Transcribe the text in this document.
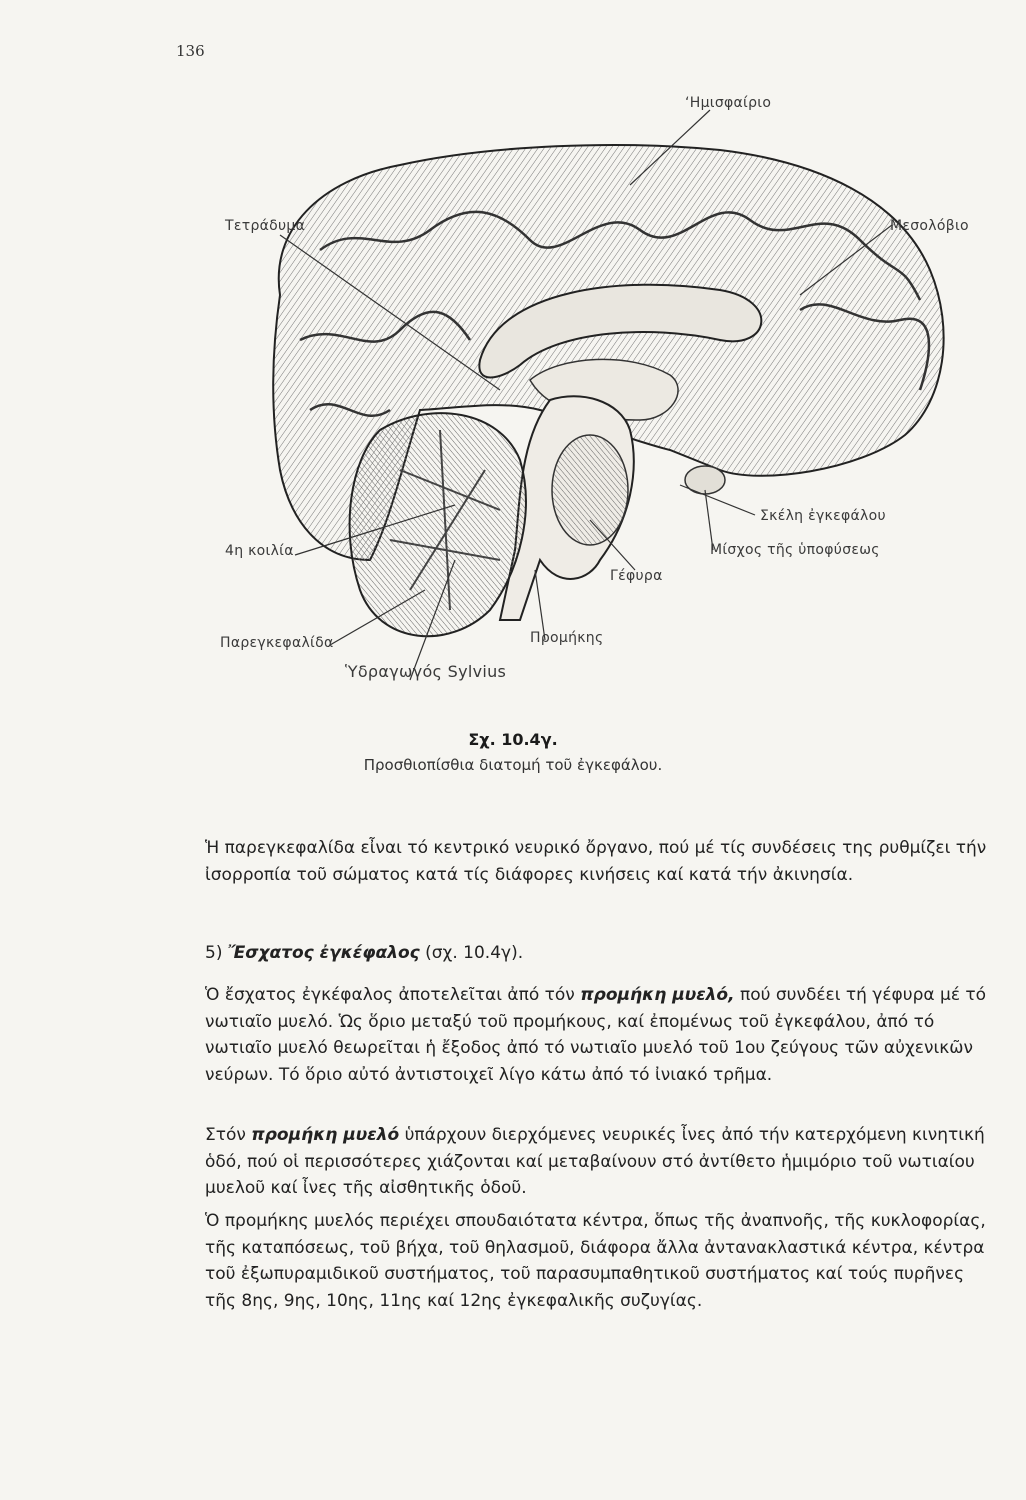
136
‘Ημισφαίριο
Τετράδυμα	Μεσολόβιο
Σκέλη ἐγκεφάλου
Μίσχος τῆς ὑποφύσεως
4η κοιλία
Γέφυρα
Παρεγκεφαλίδα	Προμήκης
Ὑδραγωγός Sylvius
Σχ. 10.4γ.
Προσθιοπίσθια διατομή τοῦ ἐγκεφάλου.

Ἡ παρεγκεφαλίδα εἶναι τό κεντρικό νευρικό ὄργανο, πού μέ τίς συνδέσεις της ρυθμίζει τήν ἰσορροπία τοῦ σώματος κατά τίς διάφορες κινήσεις καί κατά τήν ἀκινησία.

5) Ἔσχατος ἐγκέφαλος (σχ. 10.4γ).

Ὁ ἔσχατος ἐγκέφαλος ἀποτελεῖται ἀπό τόν προμήκη μυελό, πού συνδέει τή γέφυρα μέ τό νωτιαῖο μυελό. Ὡς ὅριο μεταξύ τοῦ προμήκους, καί ἐπομένως τοῦ ἐγκεφάλου, ἀπό τό νωτιαῖο μυελό θεωρεῖται ἡ ἔξοδος ἀπό τό νωτιαῖο μυελό τοῦ 1ου ζεύγους τῶν αὐχενικῶν νεύρων. Τό ὅριο αὐτό ἀντιστοιχεῖ λίγο κάτω ἀπό τό ἰνιακό τρῆμα.

Στόν προμήκη μυελό ὑπάρχουν διερχόμενες νευρικές ἶνες ἀπό τήν κατερχόμενη κινητική ὁδό, πού οἱ περισσότερες χιάζονται καί μεταβαίνουν στό ἀντίθετο ἡμιμόριο τοῦ νωτιαίου μυελοῦ καί ἶνες τῆς αἰσθητικῆς ὁδοῦ.

Ὁ προμήκης μυελός περιέχει σπουδαιότατα κέντρα, ὅπως τῆς ἀναπνοῆς, τῆς κυκλοφορίας, τῆς καταπόσεως, τοῦ βήχα, τοῦ θηλασμοῦ, διάφορα ἄλλα ἀντανακλαστικά κέντρα, κέντρα τοῦ ἐξωπυραμιδικοῦ συστήματος, τοῦ παρασυμπαθητικοῦ συστήματος καί τούς πυρῆνες τῆς 8ης, 9ης, 10ης, 11ης καί 12ης ἐγκεφαλικῆς συζυγίας.
